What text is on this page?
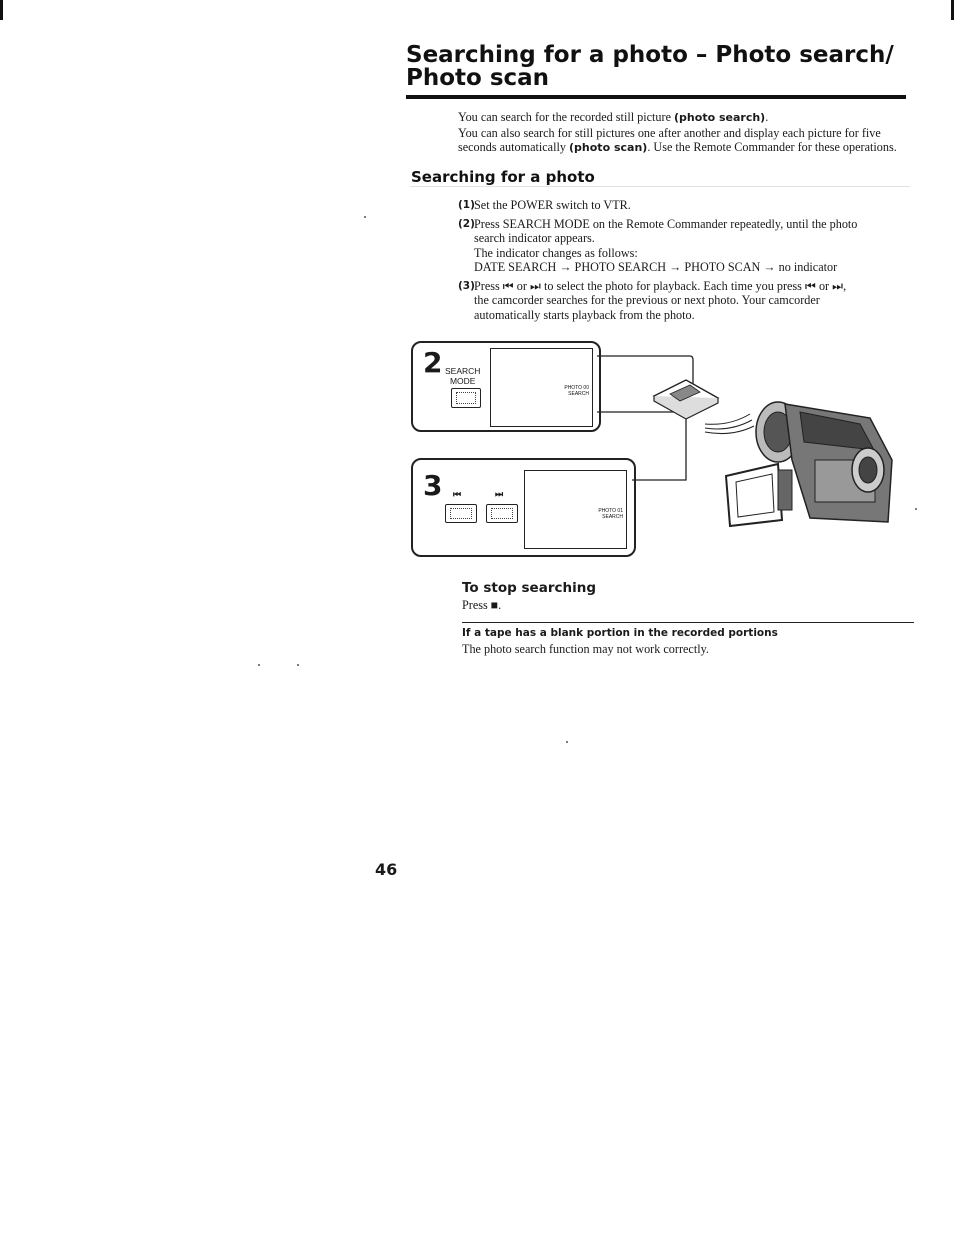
Searching for a photo – Photo search/
Photo scan
You can search for the recorded still picture (photo search).
You can also search for still pictures one after another and display each picture for five seconds automatically (photo scan). Use the Remote Commander for these operations.
Searching for a photo
(1) Set the POWER switch to VTR.
(2) Press SEARCH MODE on the Remote Commander repeatedly, until the photo
search indicator appears.
The indicator changes as follows:
DATE SEARCH → PHOTO SEARCH → PHOTO SCAN → no indicator
(3) Press ⏮ or ⏭ to select the photo for playback. Each time you press ⏮ or ⏭,
the camcorder searches for the previous or next photo. Your camcorder
automatically starts playback from the photo.
2 SEARCH
MODE
PHOTO 00
SEARCH
3 ⏮	⏭
PHOTO 01
SEARCH
To stop searching
Press ■.
If a tape has a blank portion in the recorded portions
The photo search function may not work correctly.
46
